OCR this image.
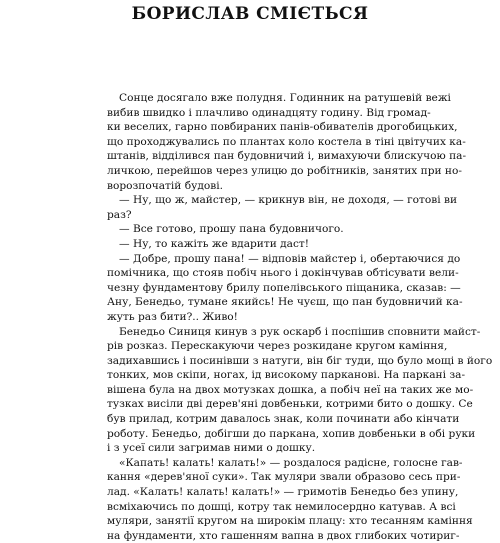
БОРИСЛАВ СМІЄТЬСЯ
Сонце досягало вже полудня. Годинник на ратушевій вежі
вибив швидко і плачливо одинадцяту годину. Від громад-
ки веселих, гарно повбираних панів-обивателів дрогобицьких,
що проходжувались по плантах коло костела в тіні цвітучих ка-
штанів, відділився пан будовничий і, вимахуючи блискучою па-
личкою, перейшов через улицю до робітників, занятих при но-
ворозпочатій будові.
— Ну, що ж, майстер, — крикнув він, не доходя, — готові ви
раз?
— Все готово, прошу пана будовничого.
— Ну, то кажіть же вдарити даст!
— Добре, прошу пана! — відповів майстер і, обертаючися до
помічника, що стояв побіч нього і докінчував обтісувати вели-
чезну фундаментову брилу попелівського піщаника, сказав: —
Ану, Бенедьо, тумане якийсь! Не чуєш, що пан будовничий ка-
жуть раз бити?.. Живо!
Бенедьо Синиця кинув з рук оскарб і поспішив сповнити майст-
рів розказ. Перескакуючи через розкидане кругом каміння,
задихавшись і посинівши з натуги, він біг туди, що було мощі в його
тонких, мов скіпи, ногах, ід високому парканові. На паркані за-
вішена була на двох мотузках дошка, а побіч неї на таких же мо-
тузках висіли дві дерев'яні довбеньки, котрими бито о дошку. Се
був прилад, котрим давалось знак, коли починати або кінчати
роботу. Бенедьо, добігши до паркана, хопив довбеньки в обі руки
і з усеї сили загримав ними о дошку.
«Капать! калать! калать!» — роздалося радісне, голосне гав-
кання «дерев'яної суки». Так муляри звали образово сесь при-
лад. «Калать! калать! калать!» — гримотів Бенедьо без упину,
всміхаючись по дошці, котру так немилосердно катував. А всі
муляри, занятії кругом на широкім плацу: хто тесанням каміння
на фундаменти, хто гашенням вапна в двох глибоких чотириг-
